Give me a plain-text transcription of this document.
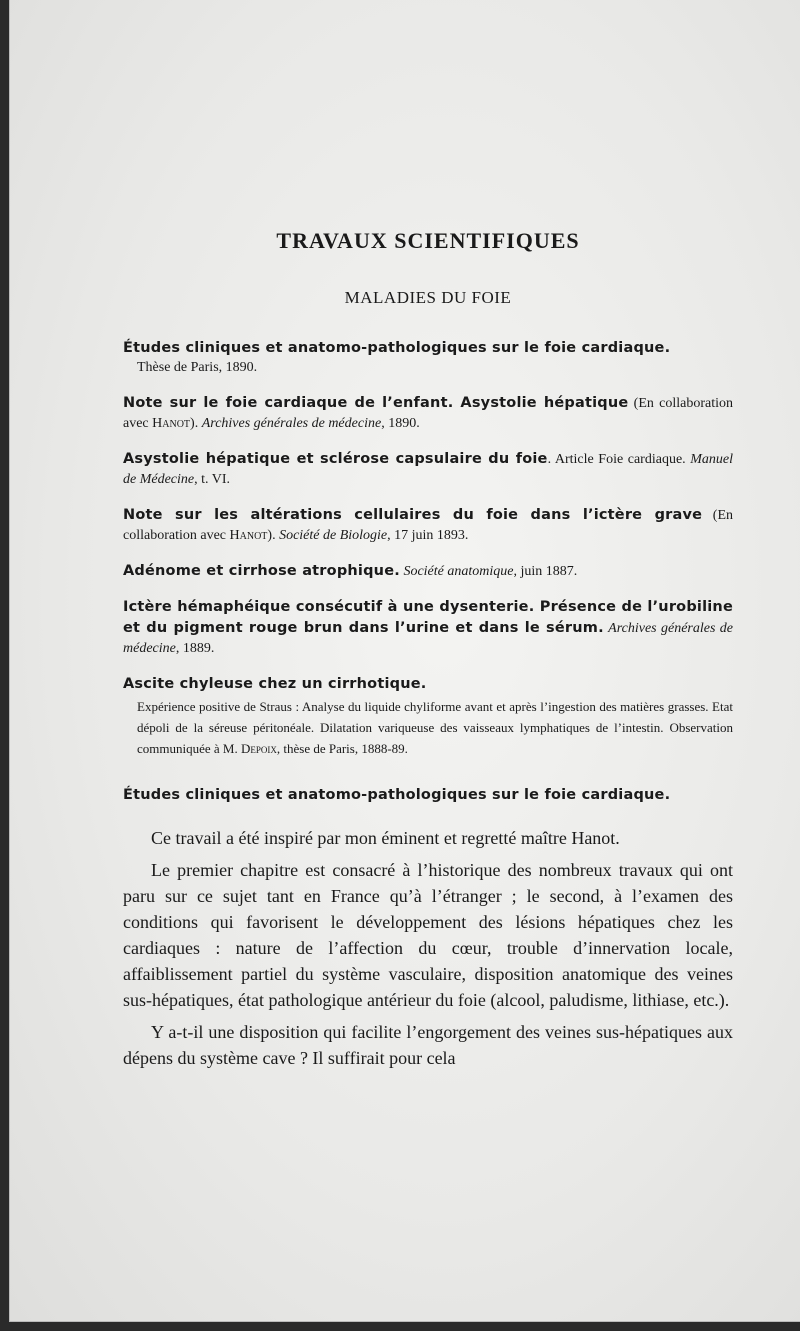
TRAVAUX SCIENTIFIQUES
MALADIES DU FOIE
Études cliniques et anatomo-pathologiques sur le foie cardiaque.
Thèse de Paris, 1890.
Note sur le foie cardiaque de l’enfant. Asystolie hépatique (En collaboration avec Hanot). Archives générales de médecine, 1890.
Asystolie hépatique et sclérose capsulaire du foie. Article Foie cardiaque. Manuel de Médecine, t. VI.
Note sur les altérations cellulaires du foie dans l’ictère grave (En collaboration avec Hanot). Société de Biologie, 17 juin 1893.
Adénome et cirrhose atrophique. Société anatomique, juin 1887.
Ictère hémaphéique consécutif à une dysenterie. Présence de l’urobiline et du pigment rouge brun dans l’urine et dans le sérum. Archives générales de médecine, 1889.
Ascite chyleuse chez un cirrhotique.
Expérience positive de Straus : Analyse du liquide chyliforme avant et après l’ingestion des matières grasses. Etat dépoli de la séreuse péritonéale. Dilatation variqueuse des vaisseaux lymphatiques de l’intestin. Observation communiquée à M. Depoix, thèse de Paris, 1888-89.
Études cliniques et anatomo-pathologiques sur le foie cardiaque.

Ce travail a été inspiré par mon éminent et regretté maître Hanot.

Le premier chapitre est consacré à l’historique des nombreux travaux qui ont paru sur ce sujet tant en France qu’à l’étranger ; le second, à l’examen des conditions qui favorisent le développement des lésions hépatiques chez les cardiaques : nature de l’affection du cœur, trouble d’innervation locale, affaiblissement partiel du système vasculaire, disposition anatomique des veines sus-hépatiques, état pathologique antérieur du foie (alcool, paludisme, lithiase, etc.).

Y a-t-il une disposition qui facilite l’engorgement des veines sus-hépatiques aux dépens du système cave ? Il suffirait pour cela
